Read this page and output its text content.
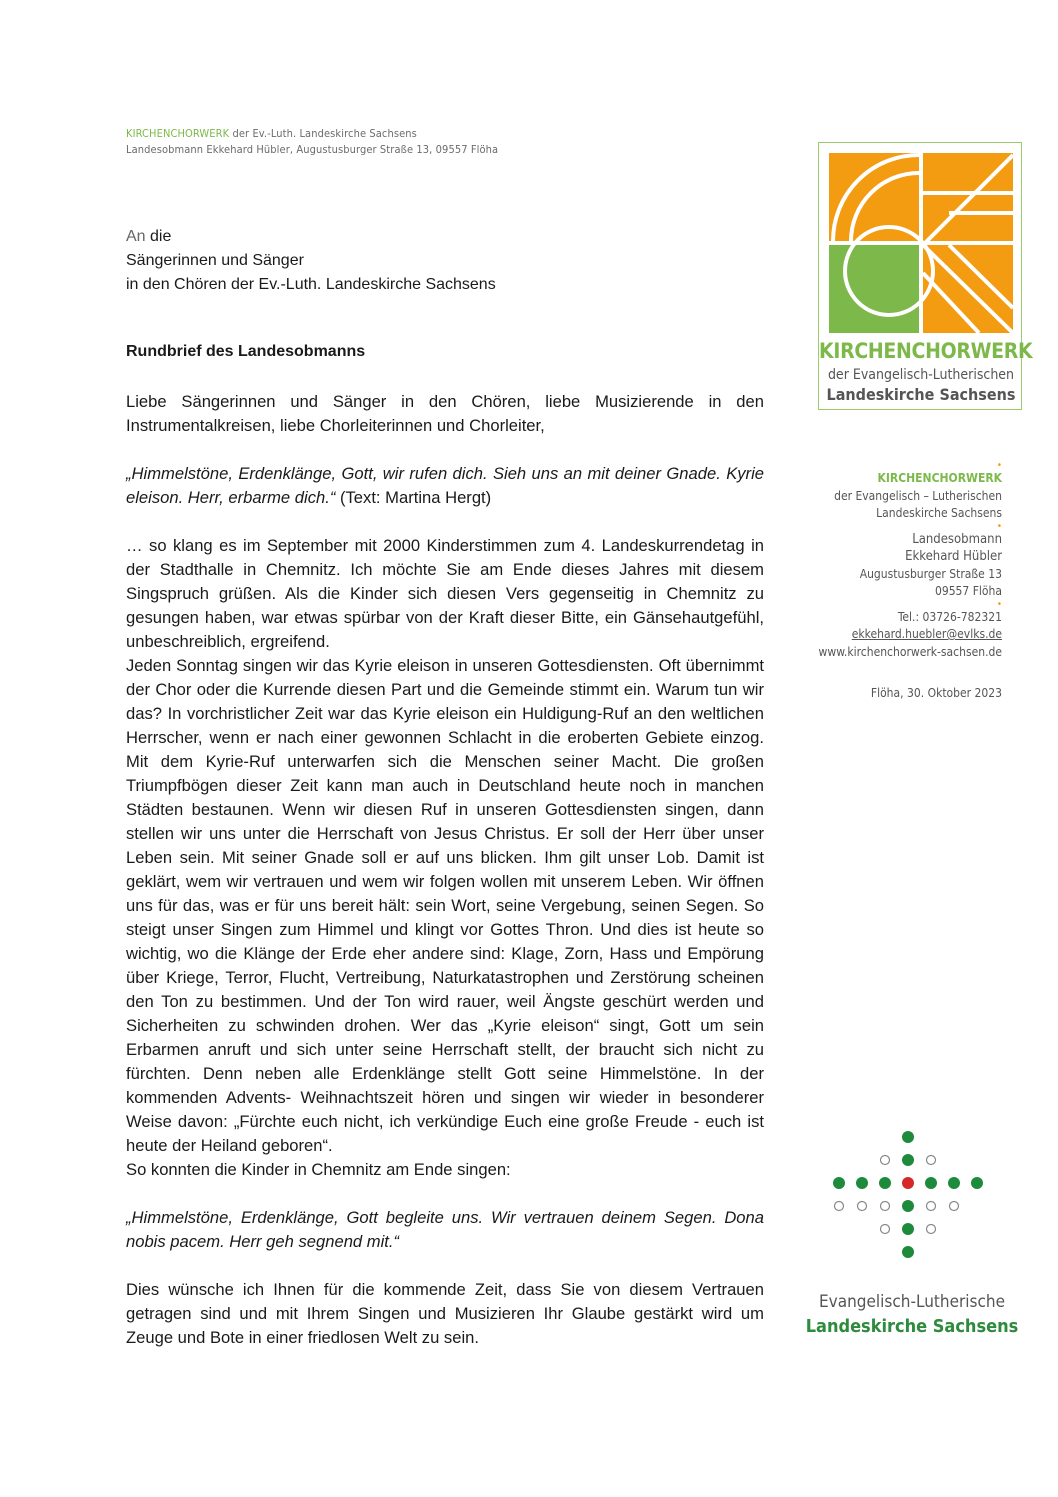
KIRCHENCHORWERK der Ev.-Luth. Landeskirche Sachsens
Landesobmann Ekkehard Hübler, Augustusburger Straße 13, 09557 Flöha
An die
Sängerinnen und Sänger
in den Chören der Ev.-Luth. Landeskirche Sachsens
Rundbrief des Landesobmanns

Liebe Sängerinnen und Sänger in den Chören, liebe Musizierende in den Instrumentalkreisen, liebe Chorleiterinnen und Chorleiter,

„Himmelstöne, Erdenklänge, Gott, wir rufen dich. Sieh uns an mit deiner Gnade. Kyrie eleison. Herr, erbarme dich.“ (Text: Martina Hergt)

… so klang es im September mit 2000 Kinderstimmen zum 4. Landeskurrendetag in der Stadthalle in Chemnitz. Ich möchte Sie am Ende dieses Jahres mit diesem Singspruch grüßen. Als die Kinder sich diesen Vers gegenseitig in Chemnitz zu gesungen haben, war etwas spürbar von der Kraft dieser Bitte, ein Gänsehautgefühl, unbeschreiblich, ergreifend.

Jeden Sonntag singen wir das Kyrie eleison in unseren Gottesdiensten. Oft übernimmt der Chor oder die Kurrende diesen Part und die Gemeinde stimmt ein. Warum tun wir das? In vorchristlicher Zeit war das Kyrie eleison ein Huldigung-Ruf an den weltlichen Herrscher, wenn er nach einer gewonnen Schlacht in die eroberten Gebiete einzog. Mit dem Kyrie-Ruf unterwarfen sich die Menschen seiner Macht. Die großen Triumpfbögen dieser Zeit kann man auch in Deutschland heute noch in manchen Städten bestaunen. Wenn wir diesen Ruf in unseren Gottesdiensten singen, dann stellen wir uns unter die Herrschaft von Jesus Christus. Er soll der Herr über unser Leben sein. Mit seiner Gnade soll er auf uns blicken. Ihm gilt unser Lob. Damit ist geklärt, wem wir vertrauen und wem wir folgen wollen mit unserem Leben. Wir öffnen uns für das, was er für uns bereit hält: sein Wort, seine Vergebung, seinen Segen. So steigt unser Singen zum Himmel und klingt vor Gottes Thron. Und dies ist heute so wichtig, wo die Klänge der Erde eher andere sind: Klage, Zorn, Hass und Empörung über Kriege, Terror, Flucht, Vertreibung, Naturkatastrophen und Zerstörung scheinen den Ton zu bestimmen. Und der Ton wird rauer, weil Ängste geschürt werden und Sicherheiten zu schwinden drohen. Wer das „Kyrie eleison“ singt, Gott um sein Erbarmen anruft und sich unter seine Herrschaft stellt, der braucht sich nicht zu fürchten. Denn neben alle Erdenklänge stellt Gott seine Himmelstöne. In der kommenden Advents- Weihnachtszeit hören und singen wir wieder in besonderer Weise davon: „Fürchte euch nicht, ich verkündige Euch eine große Freude - euch ist heute der Heiland geboren“.

So konnten die Kinder in Chemnitz am Ende singen:

„Himmelstöne, Erdenklänge, Gott begleite uns. Wir vertrauen deinem Segen. Dona nobis pacem. Herr geh segnend mit.“

Dies wünsche ich Ihnen für die kommende Zeit, dass Sie von diesem Vertrauen getragen sind und mit Ihrem Singen und Musizieren Ihr Glaube gestärkt wird um Zeuge und Bote in einer friedlosen Welt zu sein.

KIRCHENCHORWERK
der Evangelisch-Lutherischen
Landeskirche Sachsens
•
KIRCHENCHORWERK
der Evangelisch – Lutherischen
Landeskirche Sachsens
•
Landesobmann
Ekkehard Hübler
Augustusburger Straße 13
09557 Flöha
•
Tel.: 03726-782321
ekkehard.huebler@evlks.de
www.kirchenchorwerk-sachsen.de
Flöha, 30. Oktober 2023
Evangelisch-Lutherische
Landeskirche Sachsens
